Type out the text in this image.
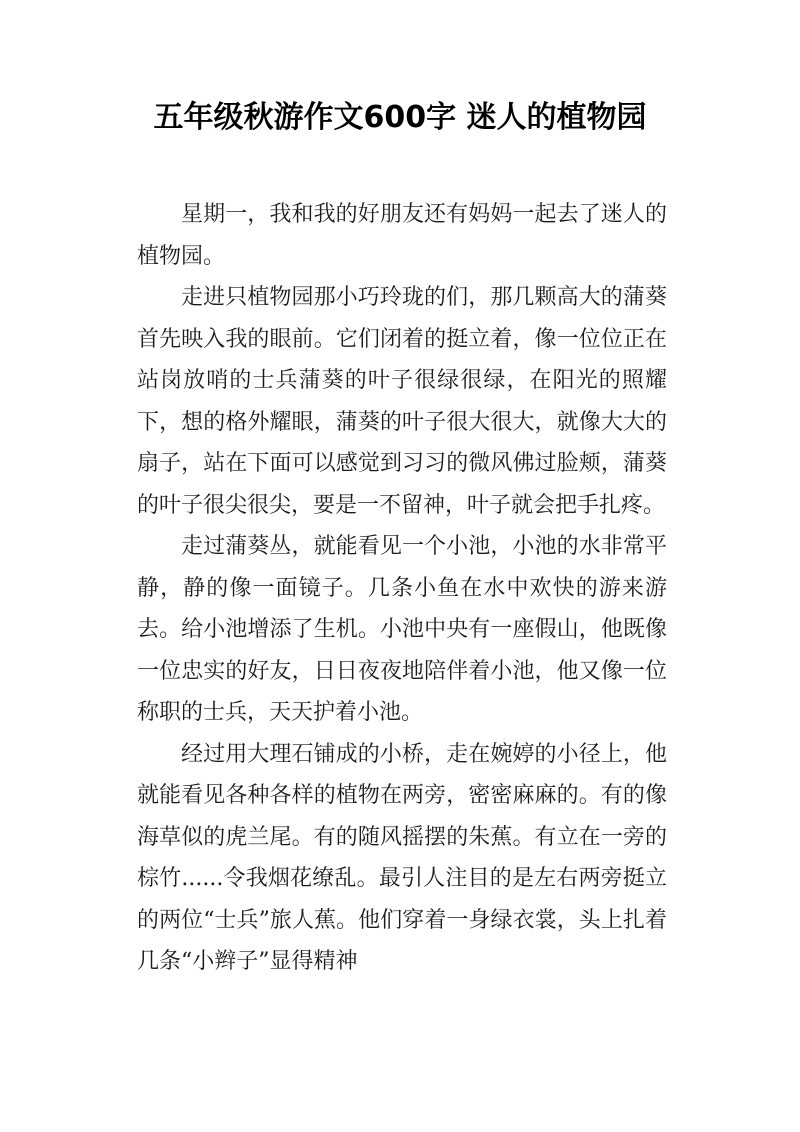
五年级秋游作文600字 迷人的植物园

星期一，我和我的好朋友还有妈妈一起去了迷人的植物园。

走进只植物园那小巧玲珑的们，那几颗高大的蒲葵首先映入我的眼前。它们闭着的挺立着，像一位位正在站岗放哨的士兵蒲葵的叶子很绿很绿，在阳光的照耀下，想的格外耀眼，蒲葵的叶子很大很大，就像大大的扇子，站在下面可以感觉到习习的微风佛过脸颊，蒲葵的叶子很尖很尖，要是一不留神，叶子就会把手扎疼。

走过蒲葵丛，就能看见一个小池，小池的水非常平静，静的像一面镜子。几条小鱼在水中欢快的游来游去。给小池增添了生机。小池中央有一座假山，他既像一位忠实的好友，日日夜夜地陪伴着小池，他又像一位称职的士兵，天天护着小池。

经过用大理石铺成的小桥，走在婉婷的小径上，他就能看见各种各样的植物在两旁，密密麻麻的。有的像海草似的虎兰尾。有的随风摇摆的朱蕉。有立在一旁的棕竹......令我烟花缭乱。最引人注目的是左右两旁挺立的两位“士兵”旅人蕉。他们穿着一身绿衣裳，头上扎着几条“小辫子”显得精神
